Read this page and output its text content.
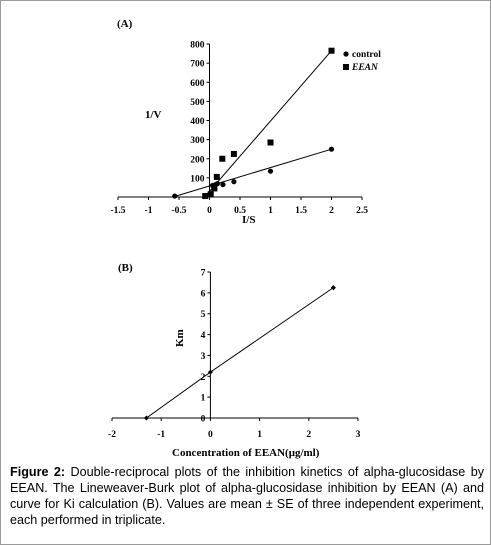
(A)
1/V
I/S
-1.5 -1 -0.5 0 0.5 1 1.5 2 2.5
100
200
300
400
500
600
700
800
control
EEAN
(B)
Km
Concentration of EEAN(μg/ml)
-2	-1	0	1	2	3
0
1
2
3
4
5
6
7
Figure 2: Double-reciprocal plots of the inhibition kinetics of alpha-glucosidase by EEAN. The Lineweaver-Burk plot of alpha-glucosidase inhibition by EEAN (A) and curve for Ki calculation (B). Values are mean ± SE of three independent experiment, each performed in triplicate.
